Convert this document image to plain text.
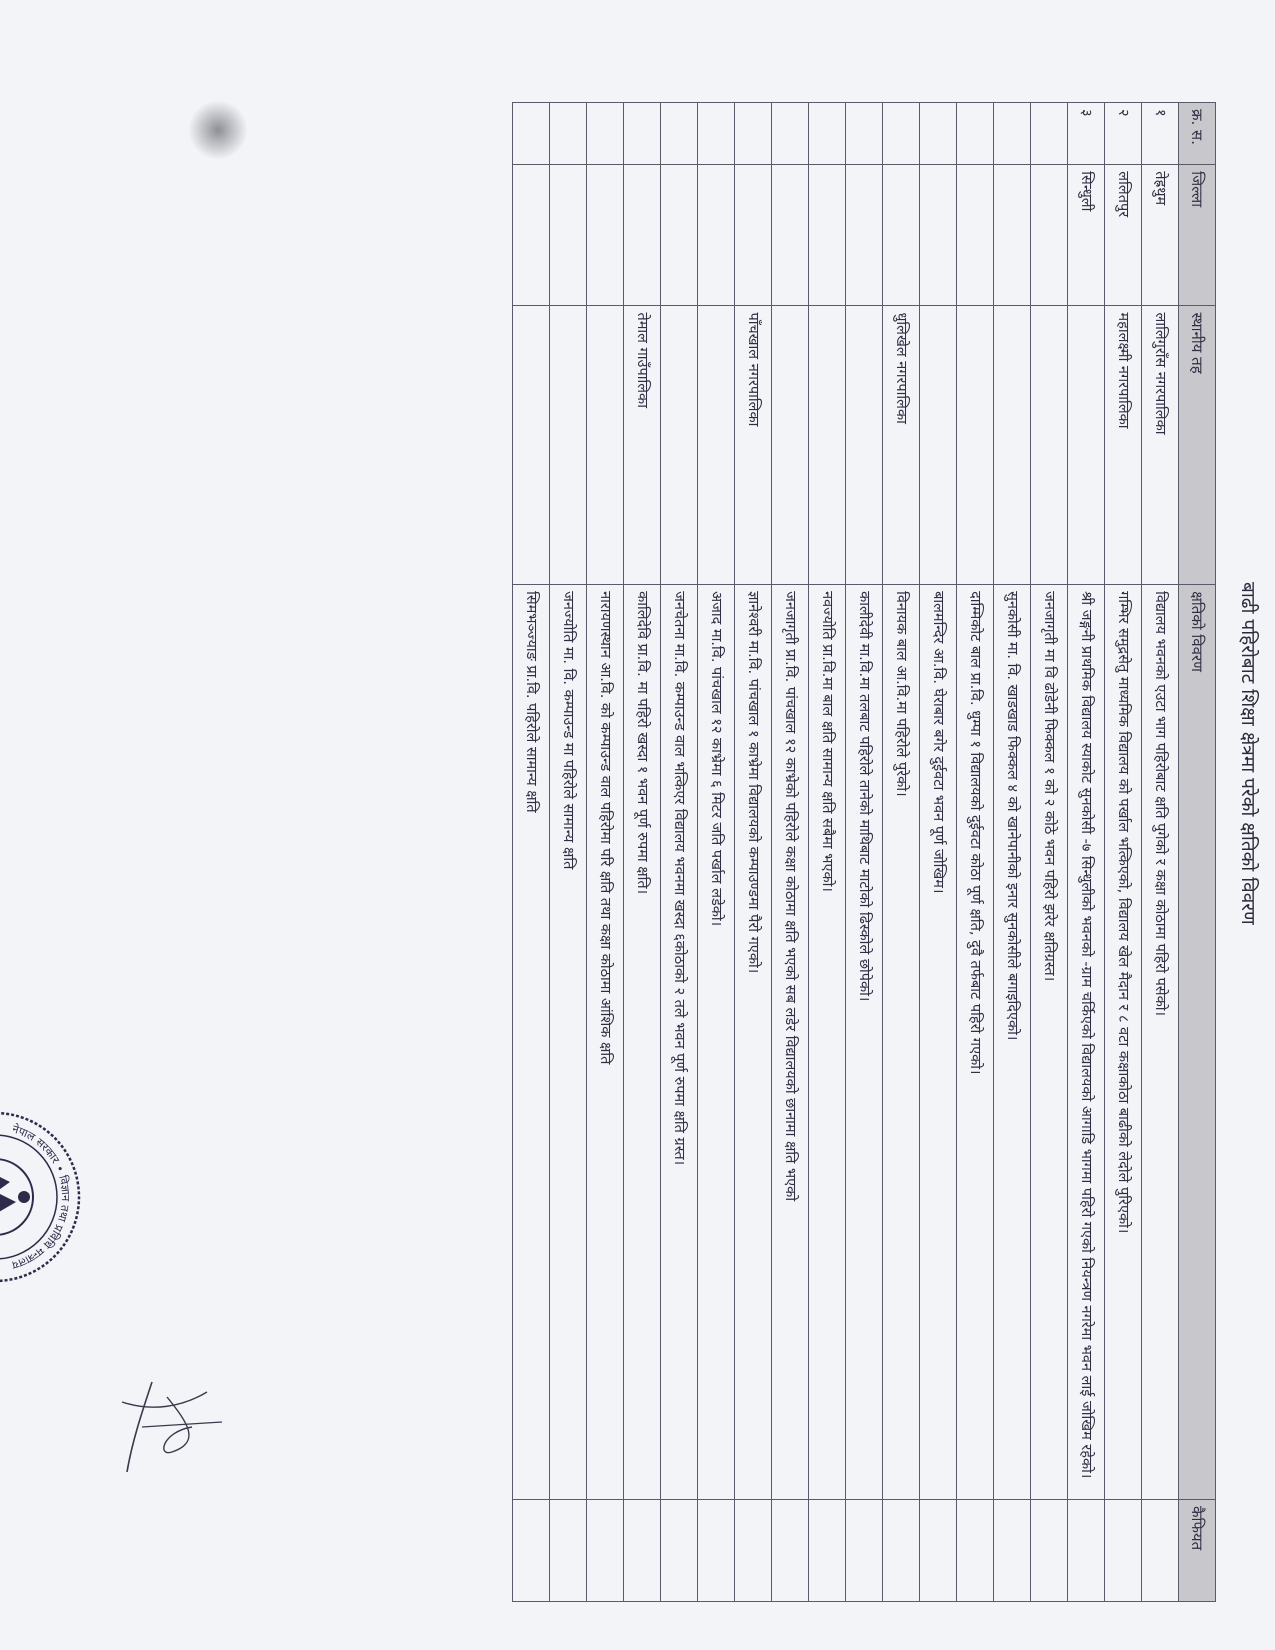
बाढी पहिरोबाट शिक्षा क्षेत्रमा परेको क्षतिको विवरण
क्र. स.	जिल्ला	स्थानीय तह	क्षतिको विवरण	कैफियत
१	तेह्रथुम	लालिगुराँस नगरपालिका	विद्यालय भवनको एउटा भाग पहिरोबाट क्षति पुगेको र कक्षा कोठामा पहिरो पसेको।	
२	ललितपुर	महालक्ष्मी नगरपालिका	गम्भिर समुद्रसेतु माध्यमिक विद्यालय को पर्खाल भत्किएको, विद्यालय खेल मैदान र ८ वटा कक्षाकोठा बाढीको लेदोले पुरिएको।	
३	सिन्धुली		श्री जङ्गनी प्राथमिक विद्यालय स्याकोट सुनकोसी -७ सिन्धुलीको भवनको -ग्राम चर्किएको विद्यालयको आगाडि भागमा पहिरो गएको नियन्त्रण नगरेमा भवन लाई जोखिम रहेको।	
			जनजागृती मा वि ढोडेनी फिक्कल १ को २ कोठे भवन पहिरो झरेर क्षतिग्रस्त।	
			सुनकोसी मा. वि. खाडखाड फिक्कल ४ को खानेपानीको इनार सुनकोसीले बगाइदिएको।	
			दाम्मिकोट बाल प्रा.वि. धुम्पा १ विद्यालयको दुईवटा कोठा पूर्ण क्षति, दुवै तर्फबाट पहिरो गएको।	
			बालमन्दिर आ.वि. घेराबार बगेर दुईवटा भवन पूर्ण जोखिम।	
		धुलिखेल नगरपालिका	विनायक बाल आ.वि.मा पहिरोले पुरेको।	
			कालीदेवी मा.वि.मा तलबाट पहिरोले तानेको माथिबाट माटोको ढिस्कोले छोपेको।	
			नवज्योति प्रा.वि.मा बाल क्षति सामान्य क्षति सबैमा भएको।	
			जनजागृती प्रा.वि. पांचखाल १२ काभ्रेको पहिरोले कक्षा कोठामा क्षति भएको सब लडेर विद्यालयको छानामा क्षति भएको	
		पाँचखाल नगरपालिका	ज्ञानेश्वरी मा.वि. पांचखाल १ काभ्रेमा विद्यालयको कम्पाउण्डमा पैरो गएको।	
			अजाद मा.वि. पांचखाल १२ काभ्रेमा ६ मिटर जति पर्खाल लडेको।	
			जनचेतना मा.वि. कम्पाउन्ड वाल भत्किएर विद्यालय भवनमा खस्दा ६कोठाको २ तले भवन पूर्ण रुपमा क्षति ग्रस्त।	
		तेमाल गाउँपालिका	कालिदेवि प्रा.वि. मा पहिरो खस्दा १ भवन पूर्ण रुपमा क्षति।	
			नारायणस्थान आ.वि. को कम्पाउन्ड वाल पहिरोमा परि क्षति तथा कक्षा कोठामा आंशिक क्षति	
			जनज्योति मा. वि. कम्पाउन्ड मा पहिरोले सामान्य क्षति	
			सिमभञ्ज्याङ प्रा.वि. पहिरोले सामान्य क्षति	
नेपाल सरकार • विज्ञान तथा प्रविधि मन्त्रालय
